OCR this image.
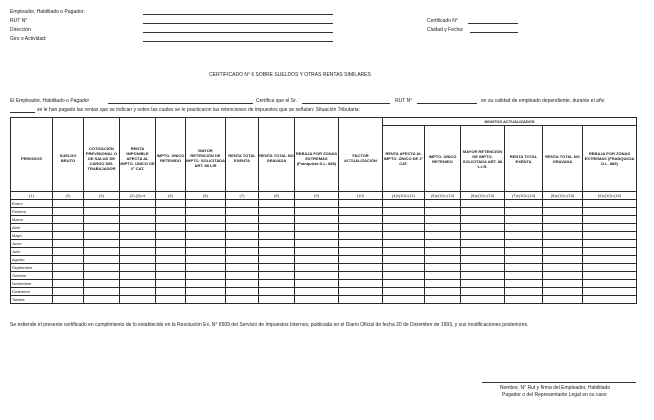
Empleador, Habilitado o Pagador:
RUT N°
Dirección
Giro o Actividad:
Certificado N°
Ciudad y Fecha:
CERTIFICADO N° 6 SOBRE SUELDOS Y OTRAS RENTAS SIMILARES
El Empleador, Habilitado o Pagador	Certifica que el Sr.	RUT N°	en su calidad de empleado dependiente, durante el año
se le han pagado las rentas que se indican y sobre las cuales se le practicaron las retenciones de impuestos que se señalan: Situación Tributaria:
										MONTOS ACTUALIZADOS					
PERIODOS	SUELDO BRUTO	COTIZACIÓN PREVISIONAL O DE SALUD DE CARGO DEL TRABAJADOR	RENTA IMPONIBLE AFECTA AL IMPTO. ÚNICO DE 2° CAT.	IMPTO. ÚNICO RETENIDO	MAYOR RETENCIÓN DE IMPTO. SOLICITADA ART. 88 LIR	RENTA TOTAL EXENTA	RENTA TOTAL NO GRAVADA	REBAJA POR ZONAS EXTREMAS (Franquicia D.L. 889)	FACTOR ACTUALIZACIÓN	RENTA AFECTA AL IMPTO. ÚNICO DE 2° CAT.	IMPTO. ÚNICO RETENIDO	MAYOR RETENCIÓN DE IMPTO. SOLICITADA ART. 88 L.I.R.	RENTA TOTAL EXENTA	RENTA TOTAL NO GRAVADA	REBAJA POR ZONAS EXTREMAS (FRANQUICIA D.L. 889)
(1)	(2)	(3)	(2)-(3)=4	(5)	(6)	(7)	(8)	(9)	(10)	(4)x(10)=(11)	(5)x(10)=(12)	(6)x(10)=(13)	(7)x(10)=(14)	(8)x(10)=(15)	(9)x(10)=(16)
Enero															
Febrero															
Marzo															
Abril															
Mayo															
Junio															
Julio															
Agosto															
Septiembre															
Octubre															
Noviembre															
Diciembre															
Totales															
Se extiende el presente certificado en cumplimiento de lo establecido en la Resolución Ex. N° 6509 del Servicio de Impuestos Internos, publicada en el Diario Oficial de fecha 20 de Diciembre de 1993, y sus modificaciones posteriores.
Nombre, N° Rut y firma del Empleador, Habilitado
Pagador o del Representante Legal en su caso
